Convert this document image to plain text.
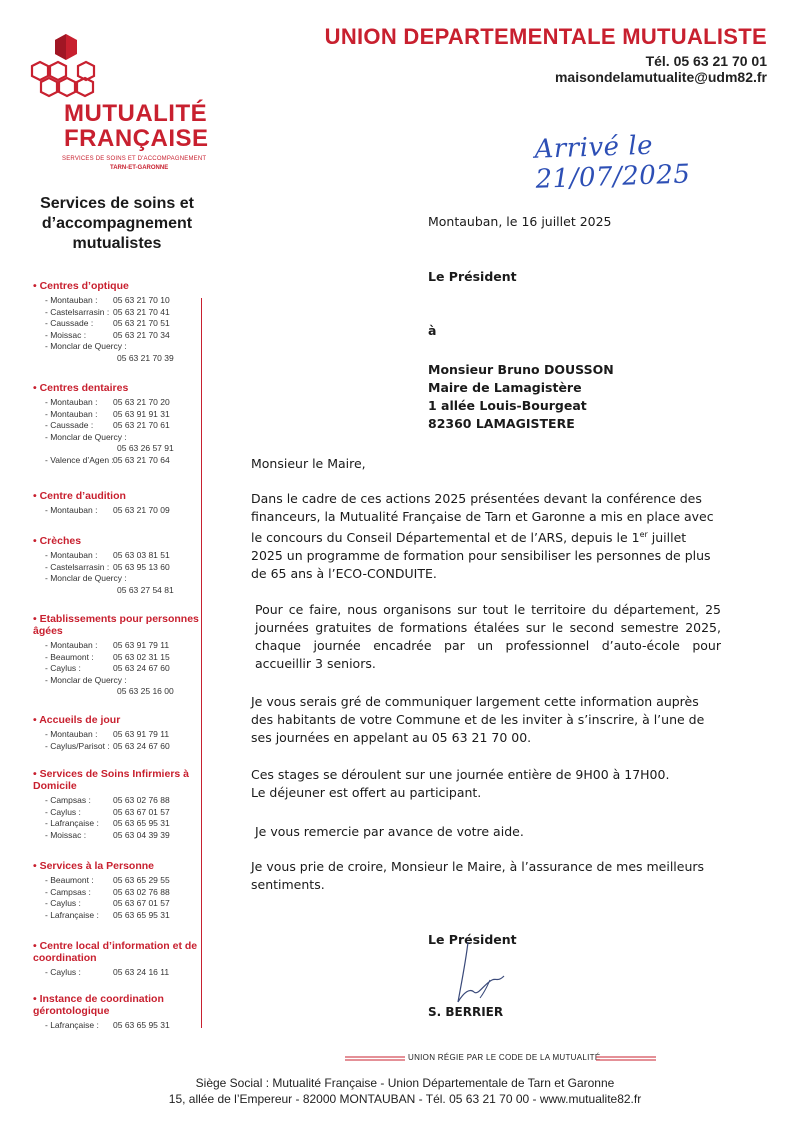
MUTUALITÉ
FRANÇAISE
SERVICES DE SOINS ET D'ACCOMPAGNEMENT
TARN-ET-GARONNE
UNION DEPARTEMENTALE MUTUALISTE
Tél. 05 63 21 70 01
maisondelamutualite@udm82.fr
Arrivé le 21/07/2025
Services de soins et d’accompagnement mutualistes
• Centres d’optique
- Montauban :	05 63 21 70 10
- Castelsarrasin : 05 63 21 70 41
- Caussade :	05 63 21 70 51
- Moissac :	05 63 21 70 34
- Monclar de Quercy :
05 63 21 70 39
• Centres dentaires
- Montauban :	05 63 21 70 20
- Montauban :	05 63 91 91 31
- Caussade :	05 63 21 70 61
- Monclar de Quercy :
05 63 26 57 91
- Valence d’Agen : 05 63 21 70 64
• Centre d’audition
- Montauban :	05 63 21 70 09
• Crèches
- Montauban :	05 63 03 81 51
- Castelsarrasin : 05 63 95 13 60
- Monclar de Quercy :
05 63 27 54 81
• Etablissements pour personnes âgées
- Montauban :	05 63 91 79 11
- Beaumont :	05 63 02 31 15
- Caylus :	05 63 24 67 60
- Monclar de Quercy :
05 63 25 16 00
• Accueils de jour
- Montauban :	05 63 91 79 11
- Caylus/Parisot : 05 63 24 67 60
• Services de Soins Infirmiers à Domicile
- Campsas :	05 63 02 76 88
- Caylus :	05 63 67 01 57
- Lafrançaise :	05 63 65 95 31
- Moissac :	05 63 04 39 39
• Services à la Personne
- Beaumont :	05 63 65 29 55
- Campsas :	05 63 02 76 88
- Caylus :	05 63 67 01 57
- Lafrançaise :	05 63 65 95 31
• Centre local d’information et de coordination
- Caylus :	05 63 24 16 11
• Instance de coordination gérontologique
- Lafrançaise :	05 63 65 95 31
Montauban, le 16 juillet 2025
Le Président
à
Monsieur Bruno DOUSSON
Maire de Lamagistère
1 allée Louis-Bourgeat
82360 LAMAGISTERE
Monsieur le Maire,
Dans le cadre de ces actions 2025 présentées devant la conférence des financeurs, la Mutualité Française de Tarn et Garonne a mis en place avec le concours du Conseil Départemental et de l’ARS, depuis le 1er juillet 2025 un programme de formation pour sensibiliser les personnes de plus de 65 ans à l’ECO-CONDUITE.
Pour ce faire, nous organisons sur tout le territoire du département, 25 journées gratuites de formations étalées sur le second semestre 2025, chaque journée encadrée par un professionnel d’auto-école pour accueillir 3 seniors.
Je vous serais gré de communiquer largement cette information auprès des habitants de votre Commune et de les inviter à s’inscrire, à l’une de ses journées en appelant au 05 63 21 70 00.
Ces stages se déroulent sur une journée entière de 9H00 à 17H00.
Le déjeuner est offert au participant.
Je vous remercie par avance de votre aide.
Je vous prie de croire, Monsieur le Maire, à l’assurance de mes meilleurs sentiments.
Le Président
S. BERRIER
UNION RÉGIE PAR LE CODE DE LA MUTUALITÉ
Siège Social : Mutualité Française - Union Départementale de Tarn et Garonne
15, allée de l’Empereur - 82000 MONTAUBAN - Tél. 05 63 21 70 00 - www.mutualite82.fr
